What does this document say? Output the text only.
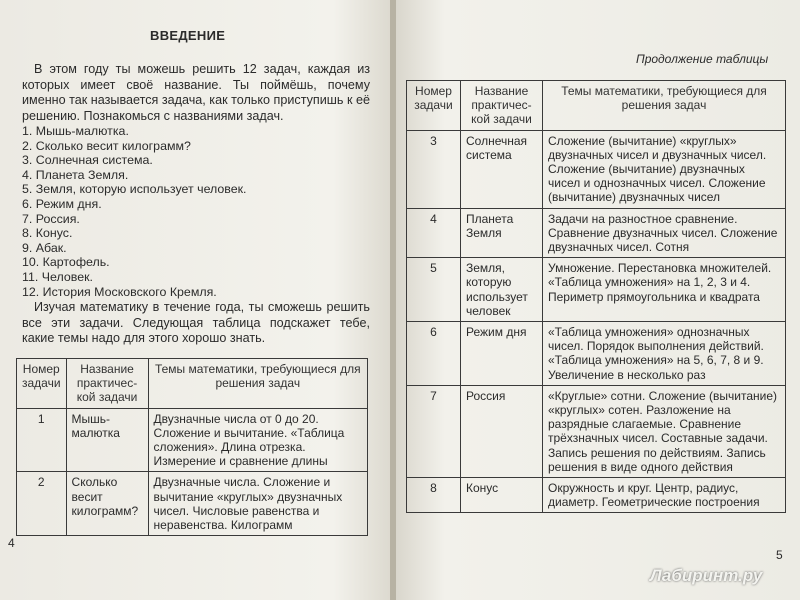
ВВЕДЕНИЕ

В этом году ты можешь решить 12 задач, каждая из которых имеет своё название. Ты поймёшь, почему именно так называется задача, как только приступишь к её решению. Познакомься с названиями задач.

1. Мышь-малютка.
2. Сколько весит килограмм?
3. Солнечная система.
4. Планета Земля.
5. Земля, которую использует человек.
6. Режим дня.
7. Россия.
8. Конус.
9. Абак.
10. Картофель.
11. Человек.
12. История Московского Кремля.

Изучая математику в течение года, ты сможешь решить все эти задачи. Следующая таблица подскажет тебе, какие темы надо для этого хорошо знать.

Номер задачи	Название практической задачи	Темы математики, требующиеся для решения задач
1	Мышь-малютка	Двузначные числа от 0 до 20. Сложение и вычитание. «Таблица сложения». Длина отрезка. Измерение и сравнение длины
2	Сколько весит килограмм?	Двузначные числа. Сложение и вычитание «круглых» двузначных чисел. Числовые равенства и неравенства. Килограмм
4
Продолжение таблицы
Номер задачи	Название практической задачи	Темы математики, требующиеся для решения задач
3	Солнечная система	Сложение (вычитание) «круглых» двузначных чисел и двузначных чисел. Сложение (вычитание) двузначных чисел и однозначных чисел. Сложение (вычитание) двузначных чисел
4	Планета Земля	Задачи на разностное сравнение. Сравнение двузначных чисел. Сложение двузначных чисел. Сотня
5	Земля, которую использует человек	Умножение. Перестановка множителей. «Таблица умножения» на 1, 2, 3 и 4. Периметр прямоугольника и квадрата
6	Режим дня	«Таблица умножения» однозначных чисел. Порядок выполнения действий. «Таблица умножения» на 5, 6, 7, 8 и 9. Увеличение в несколько раз
7	Россия	«Круглые» сотни. Сложение (вычитание) «круглых» сотен. Разложение на разрядные слагаемые. Сравнение трёхзначных чисел. Составные задачи. Запись решения по действиям. Запись решения в виде одного действия
8	Конус	Окружность и круг. Центр, радиус, диаметр. Геометрические построения
5
Лабиринт.ру
